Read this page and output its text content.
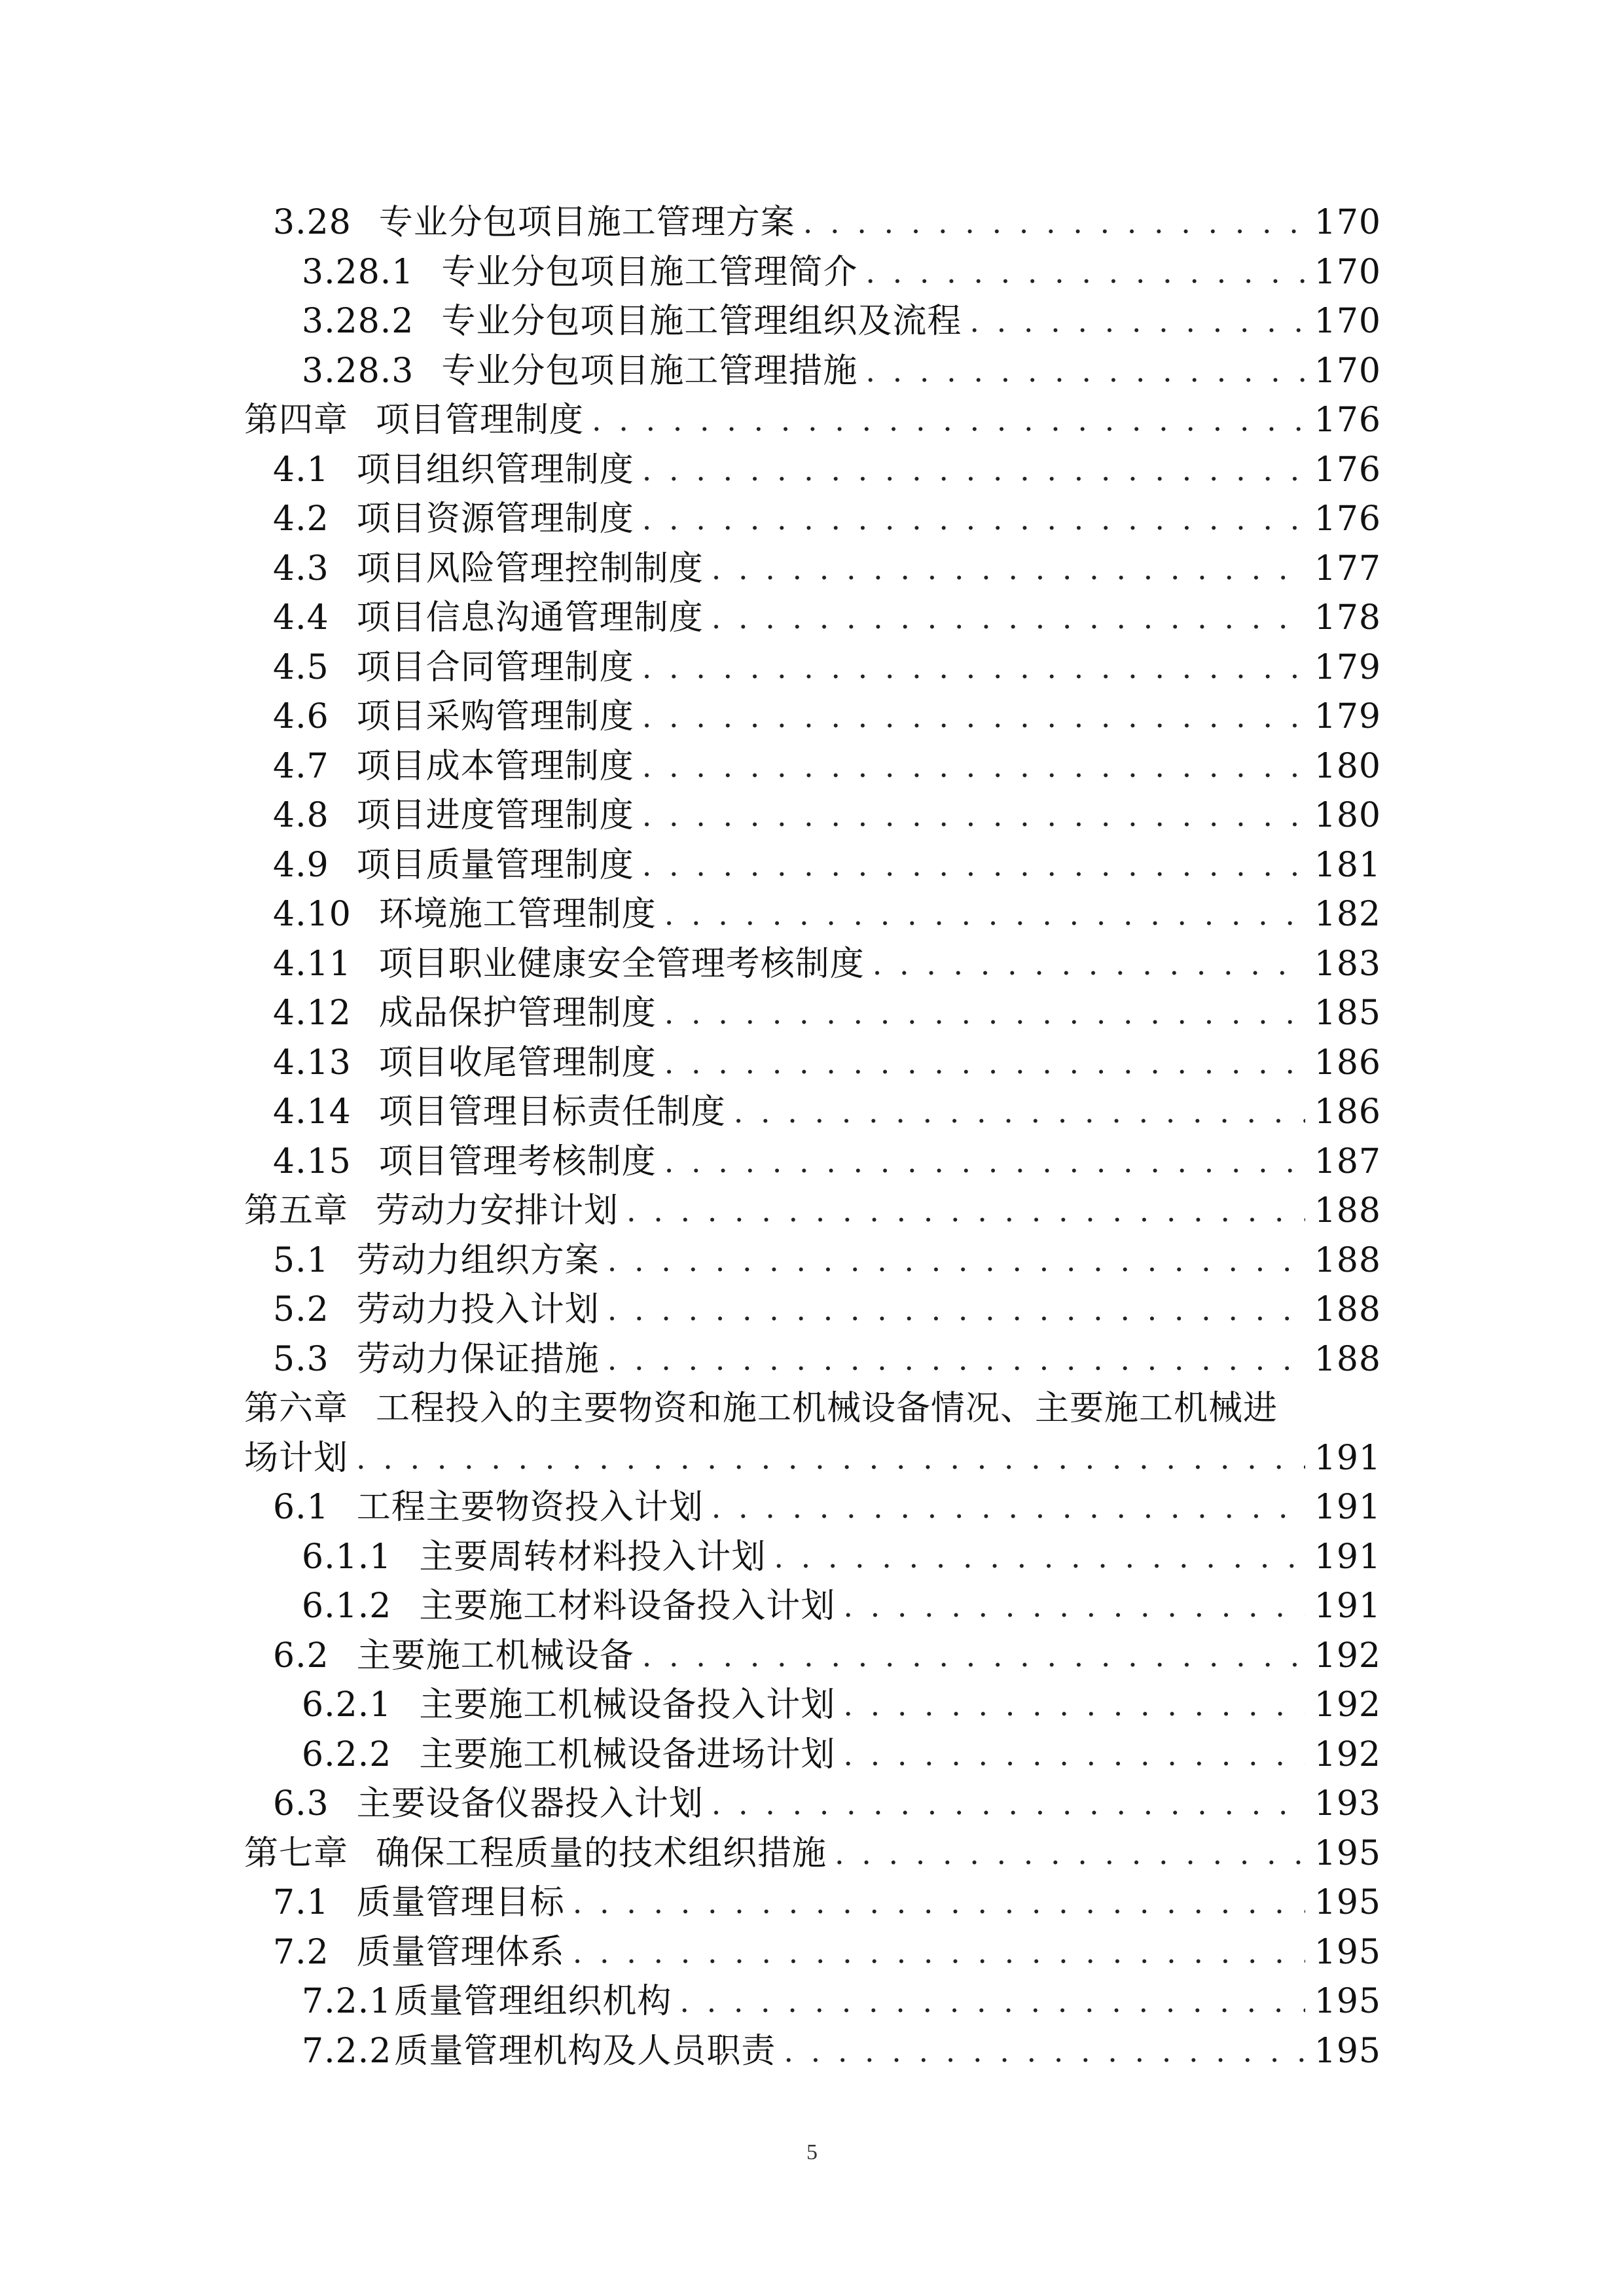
3.28 专业分包项目施工管理方案 . . .	170
3.28.1 专业分包项目施工管理简介 . . .	170
3.28.2 专业分包项目施工管理组织及流程 . . .	170
3.28.3 专业分包项目施工管理措施 . . .	170
第四章 项目管理制度 . . .	176
4.1 项目组织管理制度 . . .	176
4.2 项目资源管理制度 . . .	176
4.3 项目风险管理控制制度 . . .	177
4.4 项目信息沟通管理制度 . . .	178
4.5 项目合同管理制度 . . .	179
4.6 项目采购管理制度 . . .	179
4.7 项目成本管理制度 . . .	180
4.8 项目进度管理制度 . . .	180
4.9 项目质量管理制度 . . .	181
4.10 环境施工管理制度 . . .	182
4.11 项目职业健康安全管理考核制度 . . .	183
4.12 成品保护管理制度 . . .	185
4.13 项目收尾管理制度 . . .	186
4.14 项目管理目标责任制度 . . .	186
4.15 项目管理考核制度 . . .	187
第五章 劳动力安排计划 . . .	188
5.1 劳动力组织方案 . . .	188
5.2 劳动力投入计划 . . .	188
5.3 劳动力保证措施 . . .	188
第六章 工程投入的主要物资和施工机械设备情况、主要施工机械进
场计划 . . .	191
6.1 工程主要物资投入计划 . . .	191
6.1.1 主要周转材料投入计划 . . .	191
6.1.2 主要施工材料设备投入计划 . . .	191
6.2 主要施工机械设备 . . .	192
6.2.1 主要施工机械设备投入计划 . . .	192
6.2.2 主要施工机械设备进场计划 . . .	192
6.3 主要设备仪器投入计划 . . .	193
第七章 确保工程质量的技术组织措施 . . .	195
7.1 质量管理目标 . . .	195
7.2 质量管理体系 . . .	195
7.2.1 质量管理组织机构 . . .	195
7.2.2 质量管理机构及人员职责 . . .	195
5
